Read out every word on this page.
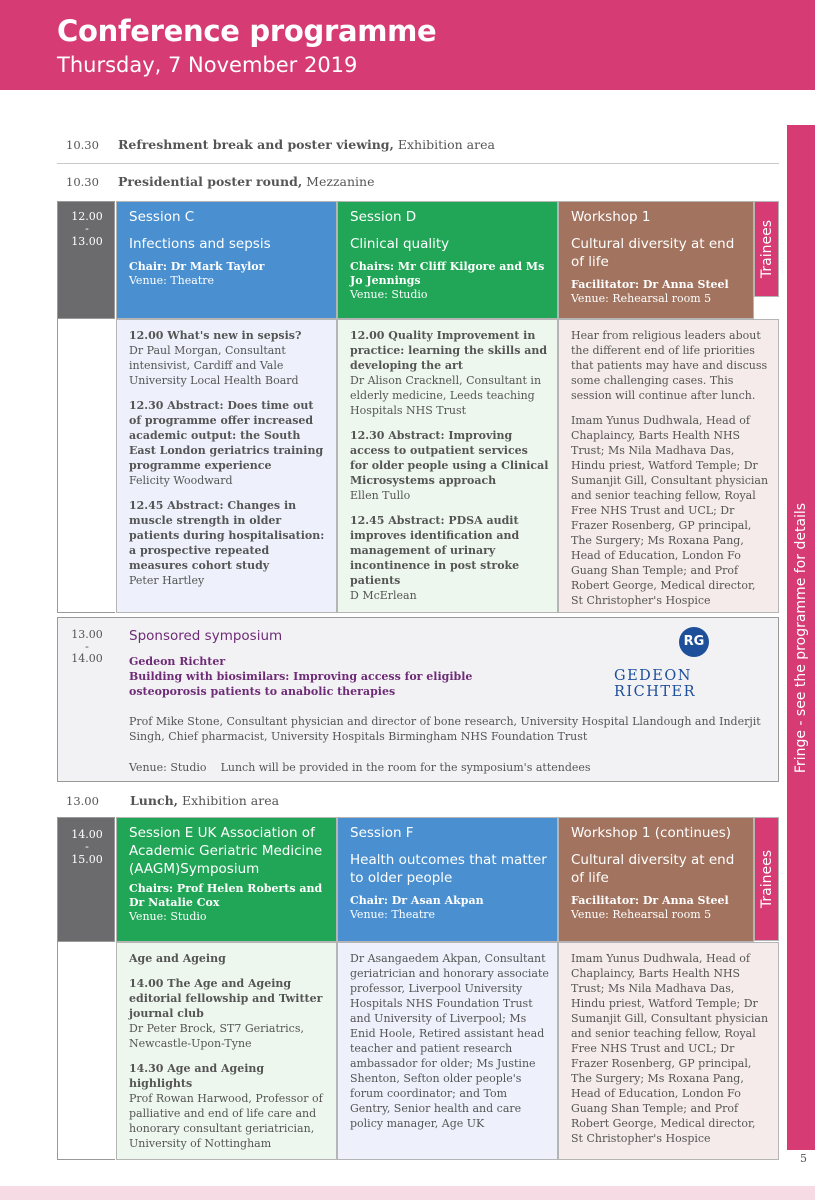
Conference programme
Thursday, 7 November 2019
Fringe - see the programme for details
5
10.30 Refreshment break and poster viewing, Exhibition area
10.30 Presidential poster round, Mezzanine
12.00
-
13.00
Session C
Infections and sepsis
Chair: Dr Mark Taylor
Venue: Theatre
Session D
Clinical quality
Chairs: Mr Cliff Kilgore and Ms Jo Jennings
Venue: Studio
Workshop 1
Cultural diversity at end of life
Facilitator: Dr Anna Steel
Venue: Rehearsal room 5
Trainees

12.00 What's new in sepsis?
Dr Paul Morgan, Consultant intensivist, Cardiff and Vale University Local Health Board

12.30 Abstract: Does time out of programme offer increased academic output: the South East London geriatrics training programme experience
Felicity Woodward

12.45 Abstract: Changes in muscle strength in older patients during hospitalisation: a prospective repeated measures cohort study
Peter Hartley

12.00 Quality Improvement in practice: learning the skills and developing the art
Dr Alison Cracknell, Consultant in elderly medicine, Leeds teaching Hospitals NHS Trust

12.30 Abstract: Improving access to outpatient services for older people using a Clinical Microsystems approach
Ellen Tullo

12.45 Abstract: PDSA audit improves identification and management of urinary incontinence in post stroke patients
D McErlean

Hear from religious leaders about the different end of life priorities that patients may have and discuss some challenging cases. This session will continue after lunch.

Imam Yunus Dudhwala, Head of Chaplaincy, Barts Health NHS Trust; Ms Nila Madhava Das, Hindu priest, Watford Temple; Dr Sumanjit Gill, Consultant physician and senior teaching fellow, Royal Free NHS Trust and UCL; Dr Frazer Rosenberg, GP principal, The Surgery; Ms Roxana Pang, Head of Education, London Fo Guang Shan Temple; and Prof Robert George, Medical director, St Christopher's Hospice

13.00
-
14.00
Sponsored symposium
Gedeon Richter
Building with biosimilars: Improving access for eligible osteoporosis patients to anabolic therapies
Prof Mike Stone, Consultant physician and director of bone research, University Hospital Llandough and Inderjit Singh, Chief pharmacist, University Hospitals Birmingham NHS Foundation Trust
Venue: Studio Lunch will be provided in the room for the symposium's attendees
RG
GEDEON RICHTER
13.00 Lunch, Exhibition area
14.00
-
15.00
Session E UK Association of Academic Geriatric Medicine (AAGM)Symposium
Chairs: Prof Helen Roberts and Dr Natalie Cox
Venue: Studio
Session F
Health outcomes that matter to older people
Chair: Dr Asan Akpan
Venue: Theatre
Workshop 1 (continues)
Cultural diversity at end of life
Facilitator: Dr Anna Steel
Venue: Rehearsal room 5
Trainees

Age and Ageing

14.00 The Age and Ageing editorial fellowship and Twitter journal club
Dr Peter Brock, ST7 Geriatrics, Newcastle-Upon-Tyne

14.30 Age and Ageing highlights
Prof Rowan Harwood, Professor of palliative and end of life care and honorary consultant geriatrician, University of Nottingham

Dr Asangaedem Akpan, Consultant geriatrician and honorary associate professor, Liverpool University Hospitals NHS Foundation Trust and University of Liverpool; Ms Enid Hoole, Retired assistant head teacher and patient research ambassador for older; Ms Justine Shenton, Sefton older people's forum coordinator; and Tom Gentry, Senior health and care policy manager, Age UK

Imam Yunus Dudhwala, Head of Chaplaincy, Barts Health NHS Trust; Ms Nila Madhava Das, Hindu priest, Watford Temple; Dr Sumanjit Gill, Consultant physician and senior teaching fellow, Royal Free NHS Trust and UCL; Dr Frazer Rosenberg, GP principal, The Surgery; Ms Roxana Pang, Head of Education, London Fo Guang Shan Temple; and Prof Robert George, Medical director, St Christopher's Hospice
